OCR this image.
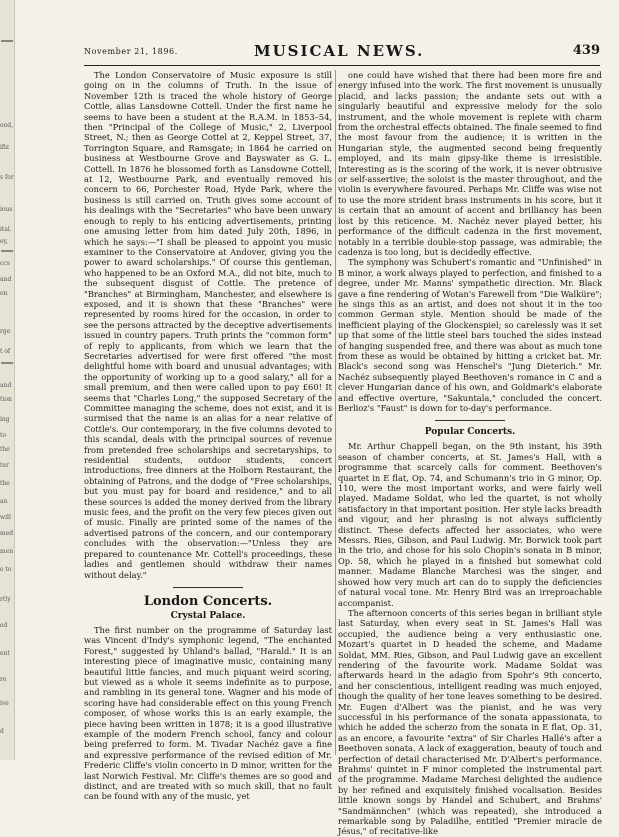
ood,
ifiz
s for
ious
ital.
ey,
ccs
and
on
rge
t of
and
tion
ing
to
the
ter
the
an
will
med
men
e to
rtly
ed
ent
re
ive
d
November 21, 1896.	MUSICAL NEWS.	439

The London Conservatoire of Music exposure is still going on in the columns of Truth. In the issue of November 12th is traced the whole history of George Cottle, alias Lansdowne Cottell. Under the first name he seems to have been a student at the R.A.M. in 1853–54, then "Principal of the College of Music," 2, Liverpool Street, N.; then as George Cottel at 2, Keppel Street, 37, Torrington Square, and Ramsgate; in 1864 he carried on business at Westbourne Grove and Bayswater as G. L. Cottell. In 1876 he blossomed forth as Lansdowne Cottell, at 12, Westbourne Park, and eventually removed his concern to 66, Porchester Road, Hyde Park, where the business is still carried on. Truth gives some account of his dealings with the "Secretaries" who have been unwary enough to reply to his enticing advertisements, printing one amusing letter from him dated July 20th, 1896, in which he says:—"I shall be pleased to appoint you music examiner to the Conservatoire at Andover, giving you the power to award scholarships." Of course this gentleman, who happened to be an Oxford M.A., did not bite, much to the subsequent disgust of Cottle. The pretence of "Branches" at Birmingham, Manchester, and elsewhere is exposed, and it is shown that these "Branches" were represented by rooms hired for the occasion, in order to see the persons attracted by the deceptive advertisements issued in country papers. Truth prints the "common form" of reply to applicants, from which we learn that the Secretaries advertised for were first offered "the most delightful home with board and unusual advantages; with the opportunity of working up to a good salary," all for a small premium, and then were called upon to pay £60! It seems that "Charles Long," the supposed Secretary of the Committee managing the scheme, does not exist, and it is surmised that the name is an alias for a near relative of Cottle's. Our contemporary, in the five columns devoted to this scandal, deals with the principal sources of revenue from pretended free scholarships and secretaryships, to residential students, outdoor students, concert introductions, free dinners at the Holborn Restaurant, the obtaining of Patrons, and the dodge of "Free scholarships, but you must pay for board and residence," and to all these sources is added the money derived from the library music fees, and the profit on the very few pieces given out of music. Finally are printed some of the names of the advertised patrons of the concern, and our contemporary concludes with the observation:—"Unless they are prepared to countenance Mr. Cottell's proceedings, these ladies and gentlemen should withdraw their names without delay."

London Concerts.
Crystal Palace.

The first number on the programme of Saturday last was Vincent d'Indy's symphonic legend, "The enchanted Forest," suggested by Uhland's ballad, "Harald." It is an interesting piece of imaginative music, containing many beautiful little fancies, and much piquant weird scoring, but viewed as a whole it seems indefinite as to purpose, and rambling in its general tone. Wagner and his mode of scoring have had considerable effect on this young French composer, of whose works this is an early example, the piece having been written in 1878; it is a good illustrative example of the modern French school, fancy and colour being preferred to form. M. Tivadar Nachéz gave a fine and expressive performance of the revised edition of Mr. Frederic Cliffe's violin concerto in D minor, written for the last Norwich Festival. Mr. Cliffe's themes are so good and distinct, and are treated with so much skill, that no fault can be found with any of the music, yet

one could have wished that there had been more fire and energy infused into the work. The first movement is unusually placid, and lacks passion; the andante sets out with a singularly beautiful and expressive melody for the solo instrument, and the whole movement is replete with charm from the orchestral effects obtained. The finale seemed to find the most favour from the audience; it is written in the Hungarian style, the augmented second being frequently employed, and its main gipsy-like theme is irresistible. Interesting as is the scoring of the work, it is never obtrusive or self-assertive; the soloist is the master throughout, and the violin is everywhere favoured. Perhaps Mr. Cliffe was wise not to use the more strident brass instruments in his score, but it is certain that an amount of accent and brilliancy has been lost by this reticence. M. Nachéz never played better, his performance of the difficult cadenza in the first movement, notably in a terrible double-stop passage, was admirable; the cadenza is too long, but is decidedly effective.

The symphony was Schubert's romantic and "Unfinished" in B minor, a work always played to perfection, and finished to a degree, under Mr. Manns' sympathetic direction. Mr. Black gave a fine rendering of Wotan's Farewell from "Die Walküre"; he sings this as an artist, and does not shout it in the too common German style. Mention should be made of the inefficient playing of the Glockenspiel; so carelessly was it set up that some of the little steel bars touched the sides instead of hanging suspended free, and there was about as much tone from these as would be obtained by hitting a cricket bat. Mr. Black's second song was Henschel's "Jung Dieterich." Mr. Nachéz subsequently played Beethoven's romance in C and a clever Hungarian dance of his own, and Goldmark's elaborate and effective overture, "Sakuntala," concluded the concert. Berlioz's "Faust" is down for to-day's performance.

Popular Concerts.

Mr. Arthur Chappell began, on the 9th instant, his 39th season of chamber concerts, at St. James's Hall, with a programme that scarcely calls for comment. Beethoven's quartet in E flat, Op. 74, and Schumann's trio in G minor, Op. 110, were the most important works, and were fairly well played. Madame Soldat, who led the quartet, is not wholly satisfactory in that important position. Her style lacks breadth and vigour, and her phrasing is not always sufficiently distinct. These defects affected her associates, who were Messrs. Ries, Gibson, and Paul Ludwig. Mr. Borwick took part in the trio, and chose for his solo Chopin's sonata in B minor, Op. 58, which he played in a finished but somewhat cold manner. Madame Blanche Marchesi was the singer, and showed how very much art can do to supply the deficiencies of natural vocal tone. Mr. Henry Bird was an irreproachable accompanist.

The afternoon concerts of this series began in brilliant style last Saturday, when every seat in St. James's Hall was occupied, the audience being a very enthusiastic one. Mozart's quartet in D headed the scheme, and Madame Soldat, MM. Ries, Gibson, and Paul Ludwig gave an excellent rendering of the favourite work. Madame Soldat was afterwards heard in the adagio from Spohr's 9th concerto, and her conscientious, intelligent reading was much enjoyed, though the quality of her tone leaves something to be desired. Mr. Eugen d'Albert was the pianist, and he was very successful in his performance of the sonata appassionata, to which he added the scherzo from the sonata in E flat, Op. 31, as an encore, a favourite "extra" of Sir Charles Hallé's after a Beethoven sonata. A lack of exaggeration, beauty of touch and perfection of detail characterised Mr. D'Albert's performance. Brahms' quintet in F minor completed the instrumental part of the programme. Madame Marchesi delighted the audience by her refined and exquisitely finished vocalisation. Besides little known songs by Handel and Schubert, and Brahms' "Sandmännchen" (which was repeated), she introduced a remarkable song by Paladilhe, entitled "Premier miracle de Jésus," of recitative-like
